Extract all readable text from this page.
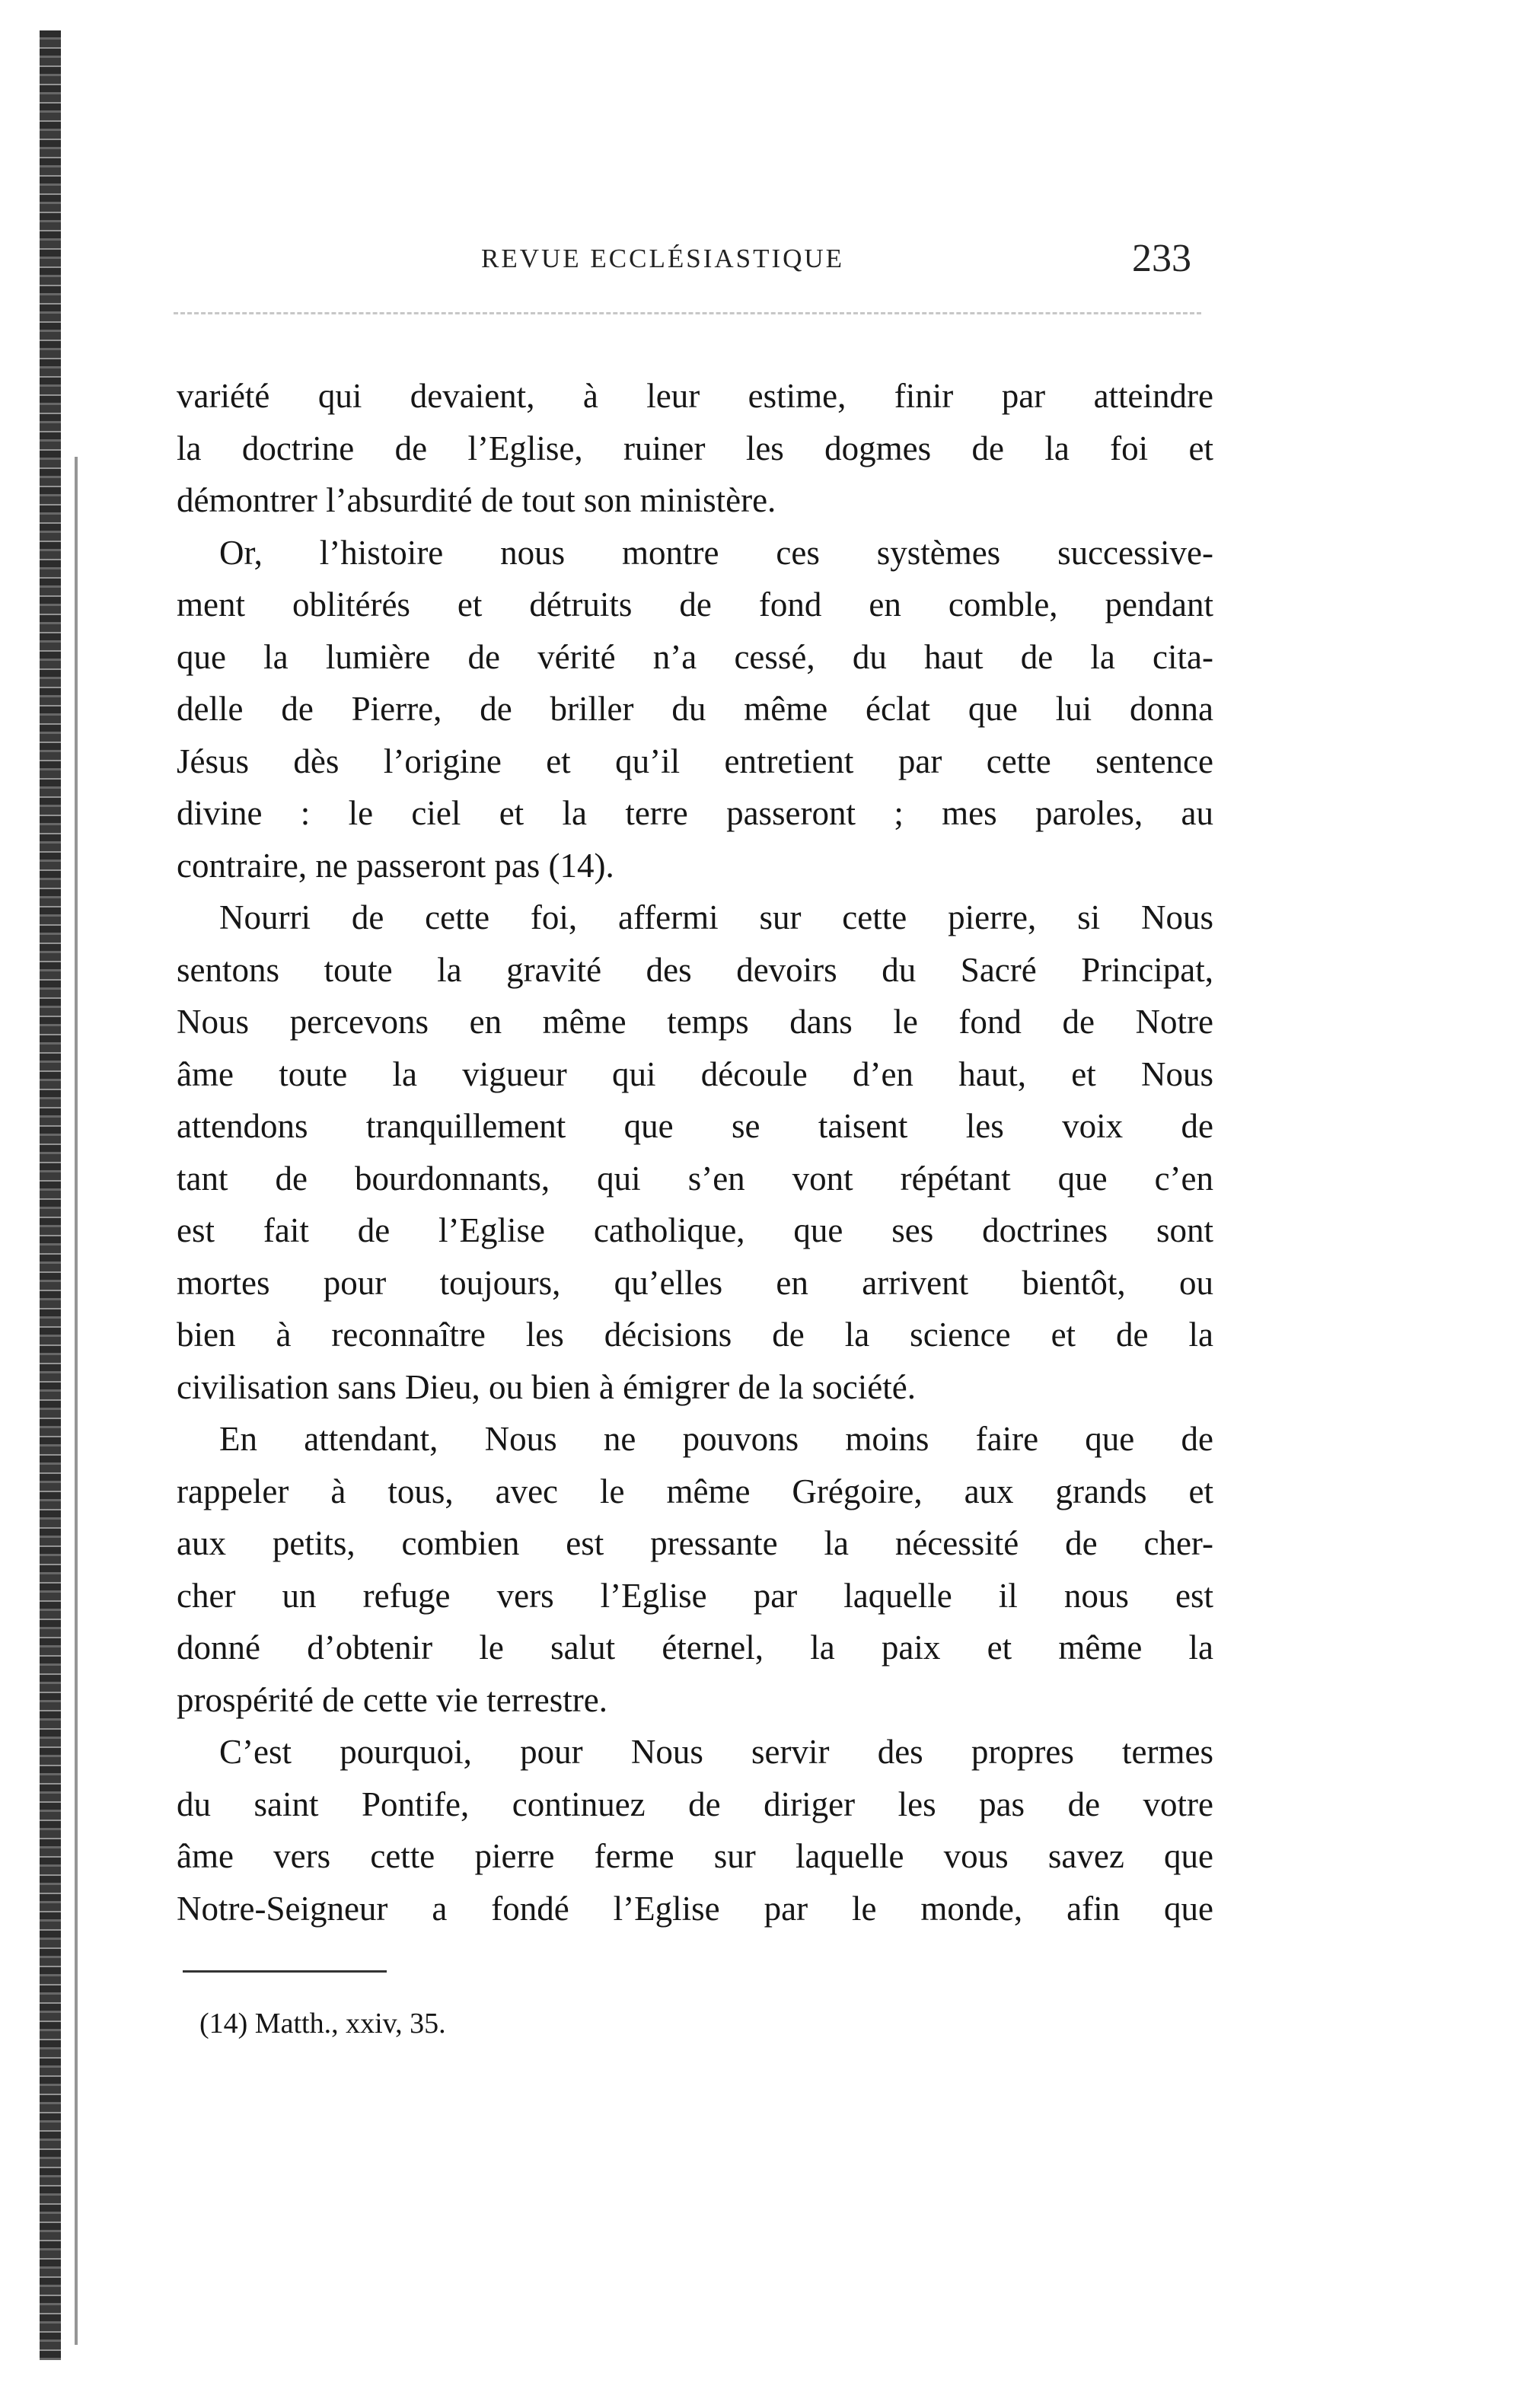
REVUE ECCLÉSIASTIQUE	233
variété qui devaient, à leur estime, finir par atteindre
la doctrine de l’Eglise, ruiner les dogmes de la foi et
démontrer l’absurdité de tout son ministère.
Or, l’histoire nous montre ces systèmes successive-
ment oblitérés et détruits de fond en comble, pendant
que la lumière de vérité n’a cessé, du haut de la cita-
delle de Pierre, de briller du même éclat que lui donna
Jésus dès l’origine et qu’il entretient par cette sentence
divine : le ciel et la terre passeront ; mes paroles, au
contraire, ne passeront pas (14).
Nourri de cette foi, affermi sur cette pierre, si Nous
sentons toute la gravité des devoirs du Sacré Principat,
Nous percevons en même temps dans le fond de Notre
âme toute la vigueur qui découle d’en haut, et Nous
attendons tranquillement que se taisent les voix de
tant de bourdonnants, qui s’en vont répétant que c’en
est fait de l’Eglise catholique, que ses doctrines sont
mortes pour toujours, qu’elles en arrivent bientôt, ou
bien à reconnaître les décisions de la science et de la
civilisation sans Dieu, ou bien à émigrer de la société.
En attendant, Nous ne pouvons moins faire que de
rappeler à tous, avec le même Grégoire, aux grands et
aux petits, combien est pressante la nécessité de cher-
cher un refuge vers l’Eglise par laquelle il nous est
donné d’obtenir le salut éternel, la paix et même la
prospérité de cette vie terrestre.
C’est pourquoi, pour Nous servir des propres termes
du saint Pontife, continuez de diriger les pas de votre
âme vers cette pierre ferme sur laquelle vous savez que
Notre-Seigneur a fondé l’Eglise par le monde, afin que
(14) Matth., xxiv, 35.
